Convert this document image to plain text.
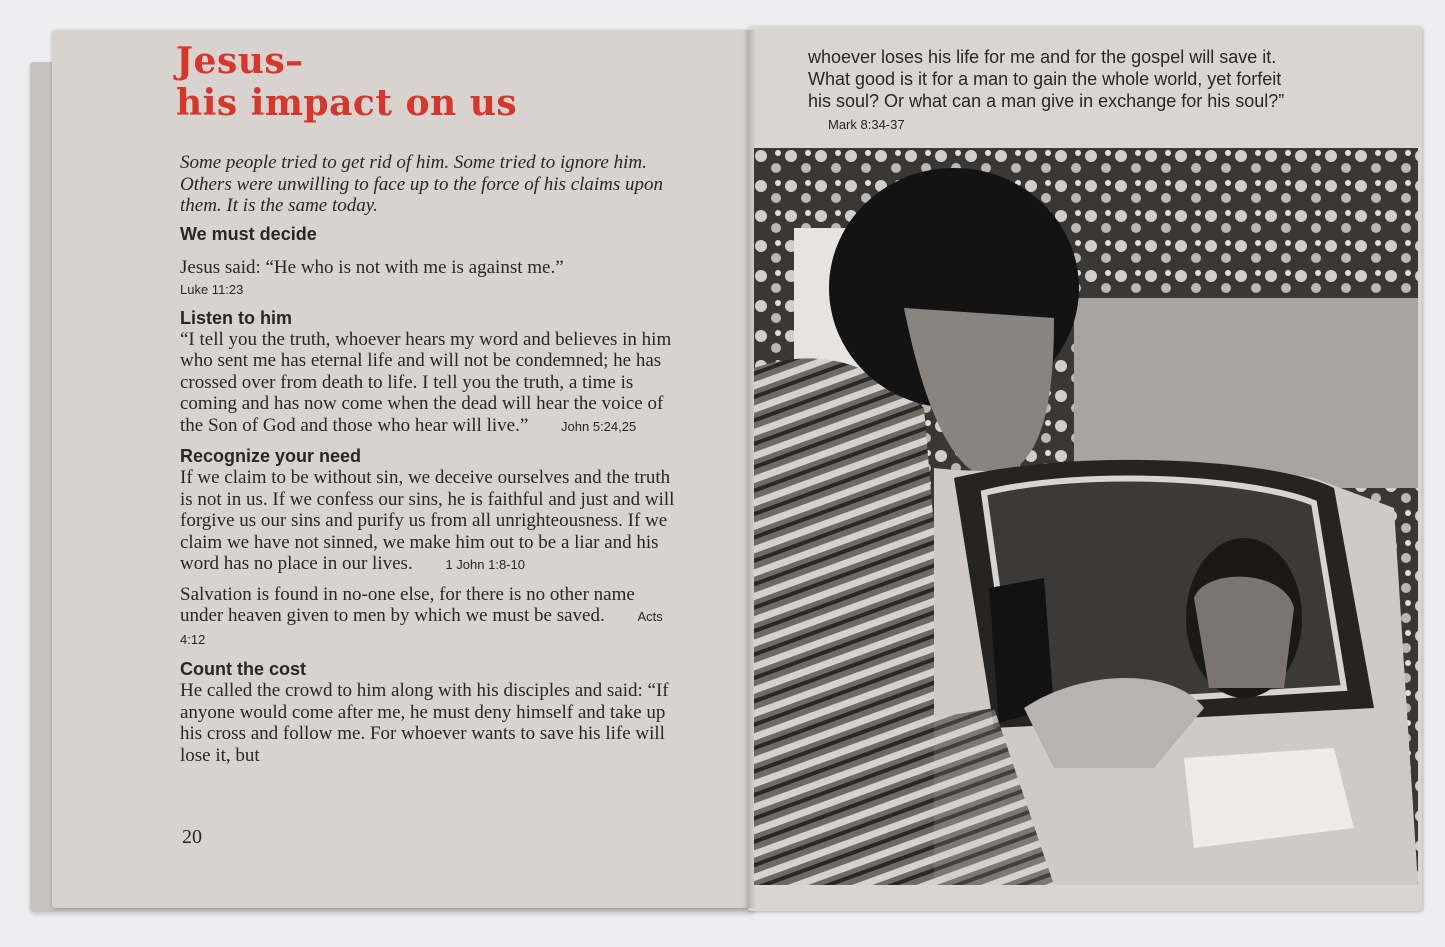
Jesus–
his impact on us

Some people tried to get rid of him. Some tried to ignore him. Others were unwilling to face up to the force of his claims upon them. It is the same today.

We must decide

Jesus said: “He who is not with me is against me.”
Luke 11:23

Listen to him

“I tell you the truth, whoever hears my word and believes in him who sent me has eternal life and will not be condemned; he has crossed over from death to life. I tell you the truth, a time is coming and has now come when the dead will hear the voice of the Son of God and those who hear will live.”	John 5:24,25

Recognize your need

If we claim to be without sin, we deceive ourselves and the truth is not in us. If we confess our sins, he is faithful and just and will forgive us our sins and purify us from all unrighteousness. If we claim we have not sinned, we make him out to be a liar and his word has no place in our lives.	1 John 1:8-10

Salvation is found in no-one else, for there is no other name under heaven given to men by which we must be saved.	Acts 4:12

Count the cost

He called the crowd to him along with his disciples and said: “If anyone would come after me, he must deny himself and take up his cross and follow me. For whoever wants to save his life will lose it, but

20
whoever loses his life for me and for the gospel will save it. What good is it for a man to gain the whole world, yet forfeit his soul? Or what can a man give in exchange for his soul?” Mark 8:34-37
